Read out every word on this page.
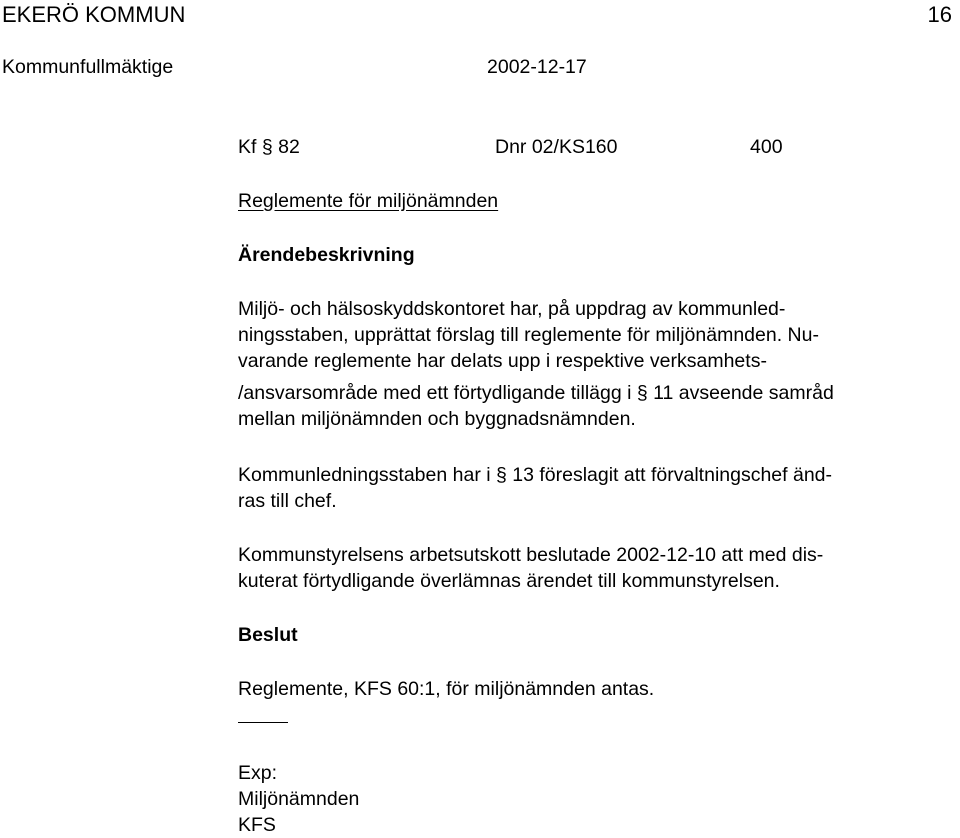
EKERÖ KOMMUN	16
Kommunfullmäktige	2002-12-17
Kf § 82	Dnr 02/KS160	400
Reglemente för miljönämnden
Ärendebeskrivning
Miljö- och hälsoskyddskontoret har, på uppdrag av kommunled-
ningsstaben, upprättat förslag till reglemente för miljönämnden. Nu-
varande reglemente har delats upp i respektive verksamhets-
/ansvarsområde med ett förtydligande tillägg i § 11 avseende samråd
mellan miljönämnden och byggnadsnämnden.
Kommunledningsstaben har i § 13 föreslagit att förvaltningschef änd-
ras till chef.
Kommunstyrelsens arbetsutskott beslutade 2002-12-10 att med dis-
kuterat förtydligande överlämnas ärendet till kommunstyrelsen.
Beslut
Reglemente, KFS 60:1, för miljönämnden antas.
Exp:
Miljönämnden
KFS
